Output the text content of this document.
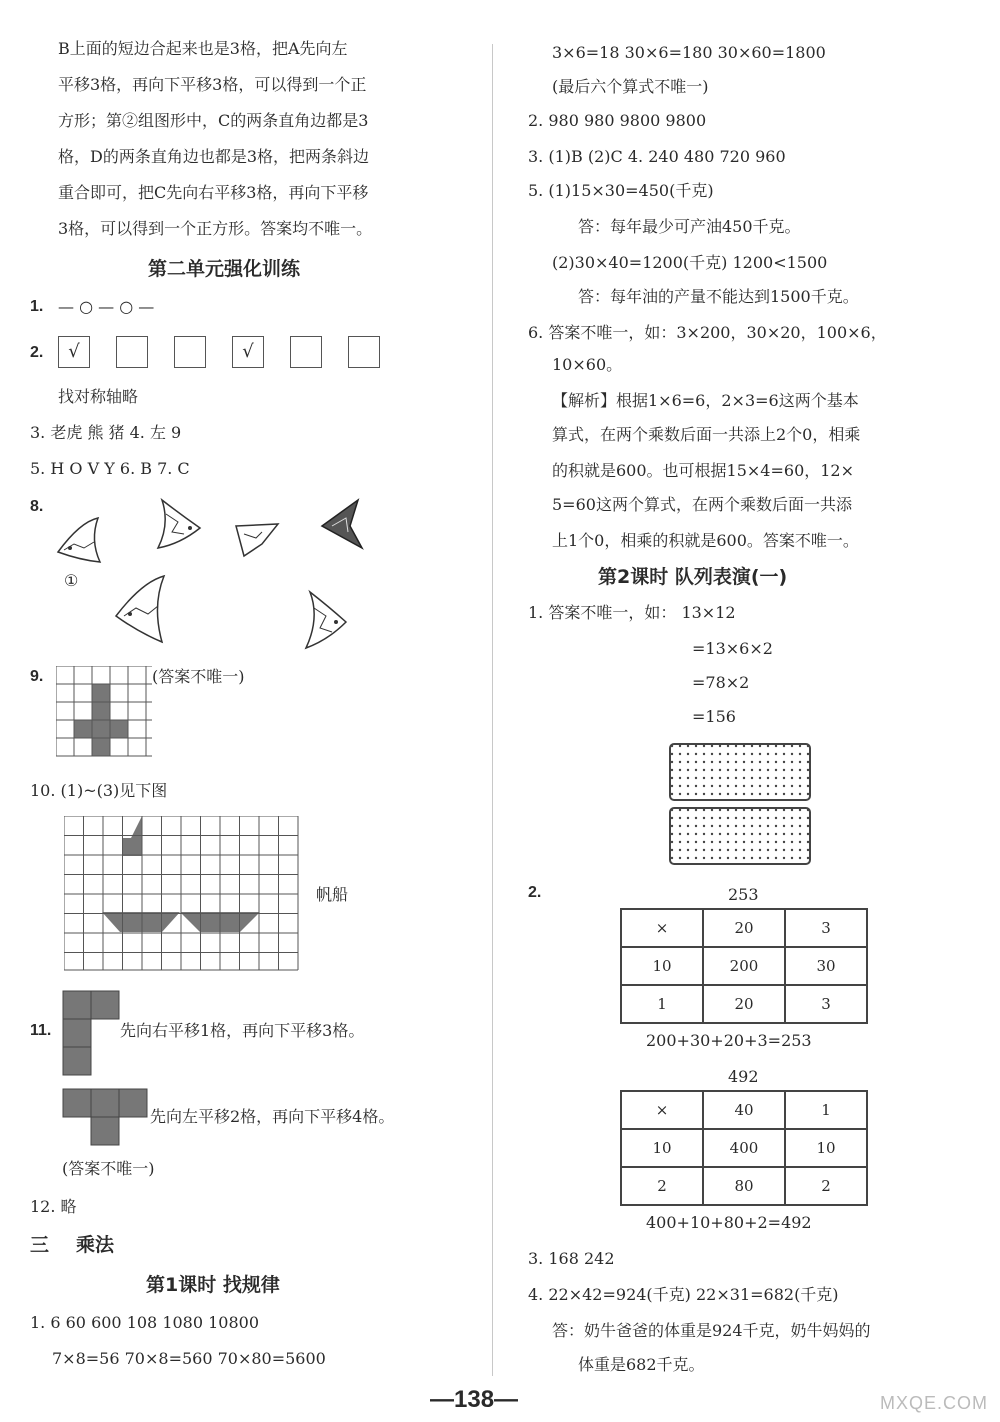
B上面的短边合起来也是3格，把A先向左
平移3格，再向下平移3格，可以得到一个正
方形；第②组图形中，C的两条直角边都是3
格，D的两条直角边也都是3格，把两条斜边
重合即可，把C先向右平移3格，再向下平移
3格，可以得到一个正方形。答案均不唯一。
第二单元强化训练
1. — ○ — ○ —
2.	√	√
找对称轴略
3. 老虎 熊 猪 4. 左 9
5. H O V Y 6. B 7. C
8.
①
9.	(答案不唯一)
10. (1)~(3)见下图
帆船
11.	先向右平移1格，再向下平移3格。
先向左平移2格，再向下平移4格。
(答案不唯一)
12. 略
三 乘法
第1课时 找规律
1. 6 60 600 108 1080 10800
7×8=56 70×8=560 70×80=5600
3×6=18 30×6=180 30×60=1800
(最后六个算式不唯一)
2. 980 980 9800 9800
3. (1)B (2)C 4. 240 480 720 960
5. (1)15×30=450(千克)
答：每年最少可产油450千克。
(2)30×40=1200(千克) 1200<1500
答：每年油的产量不能达到1500千克。
6. 答案不唯一，如：3×200，30×20，100×6，
10×60。
【解析】根据1×6=6，2×3=6这两个基本
算式，在两个乘数后面一共添上2个0，相乘
的积就是600。也可根据15×4=60，12×
5=60这两个算式，在两个乘数后面一共添
上1个0，相乘的积就是600。答案不唯一。
第2课时 队列表演(一)
1. 答案不唯一，如： 13×12
=13×6×2
=78×2
=156
2.	253
×	20	3
10	200	30
1	20	3
200+30+20+3=253
492
×	40	1
10	400	10
2	80	2
400+10+80+2=492
3. 168 242
4. 22×42=924(千克) 22×31=682(千克)
答：奶牛爸爸的体重是924千克，奶牛妈妈的
体重是682千克。
—138—	MXQE.COM
